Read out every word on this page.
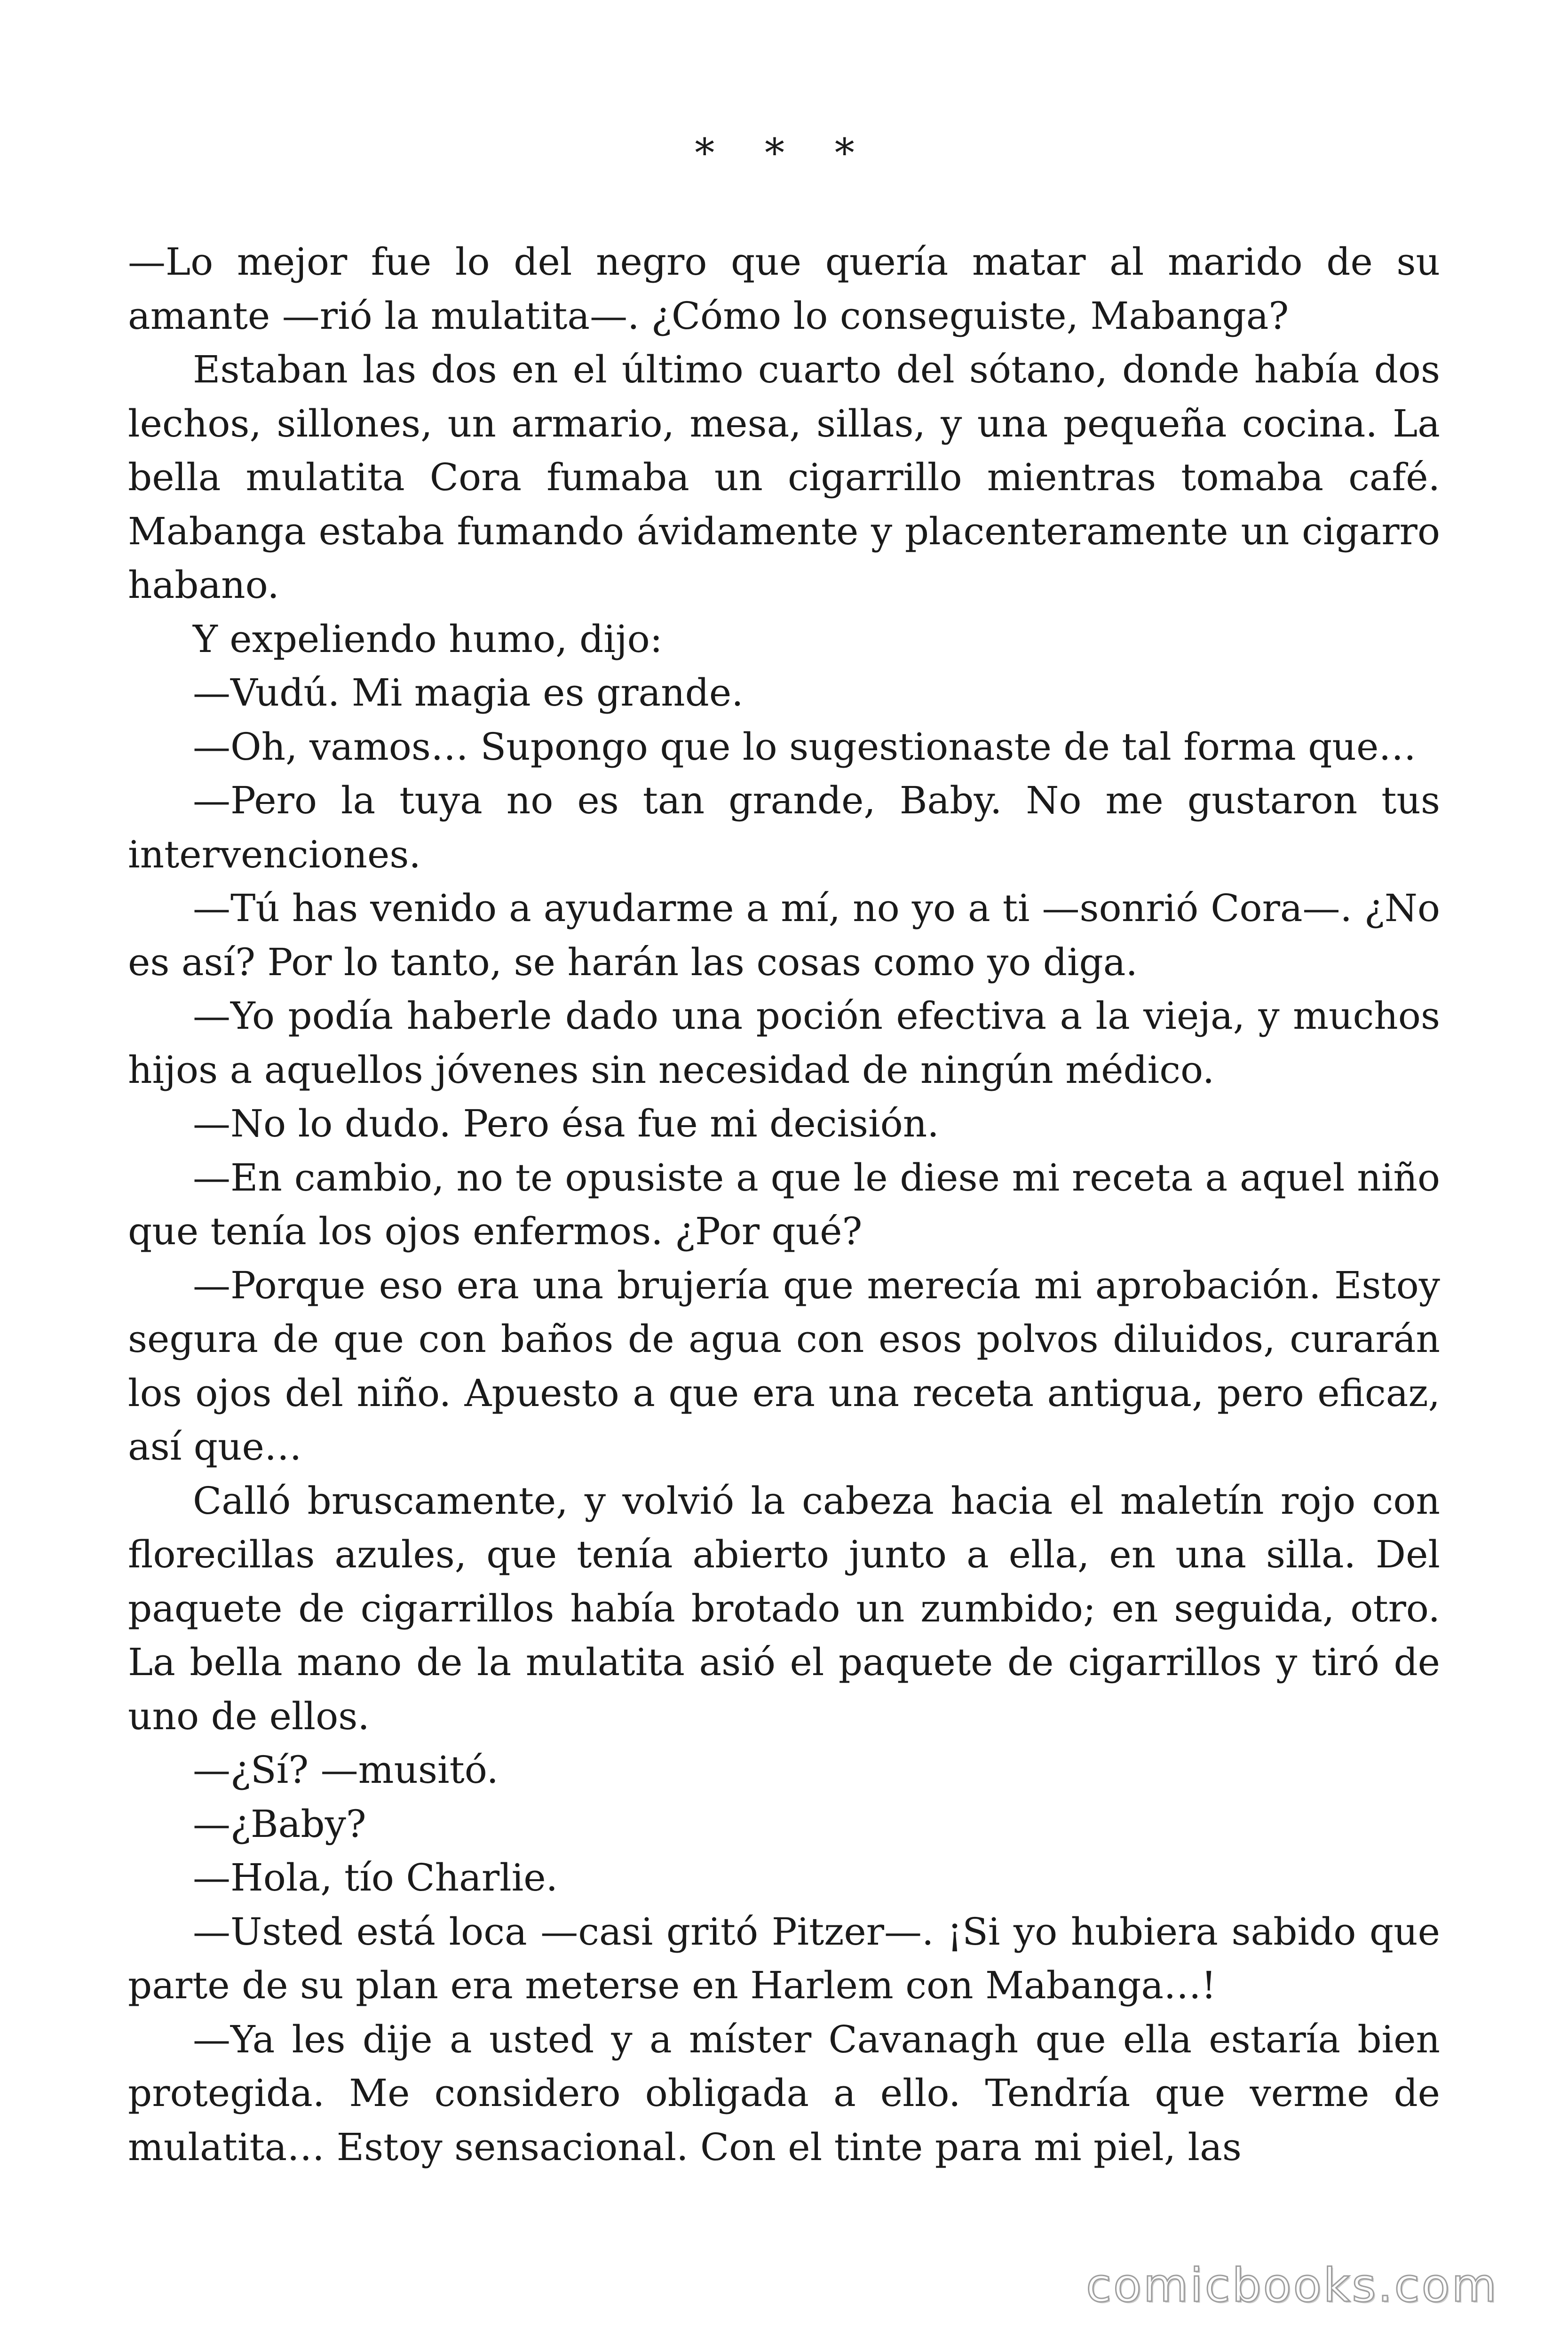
* * *

—Lo mejor fue lo del negro que quería matar al marido de su amante —rió la mulatita—. ¿Cómo lo conseguiste, Mabanga?

Estaban las dos en el último cuarto del sótano, donde había dos lechos, sillones, un armario, mesa, sillas, y una pequeña cocina. La bella mulatita Cora fumaba un cigarrillo mientras tomaba café. Mabanga estaba fumando ávidamente y placenteramente un cigarro habano.

Y expeliendo humo, dijo:

—Vudú. Mi magia es grande.

—Oh, vamos… Supongo que lo sugestionaste de tal forma que…

—Pero la tuya no es tan grande, Baby. No me gustaron tus intervenciones.

—Tú has venido a ayudarme a mí, no yo a ti —sonrió Cora—. ¿No es así? Por lo tanto, se harán las cosas como yo diga.

—Yo podía haberle dado una poción efectiva a la vieja, y muchos hijos a aquellos jóvenes sin necesidad de ningún médico.

—No lo dudo. Pero ésa fue mi decisión.

—En cambio, no te opusiste a que le diese mi receta a aquel niño que tenía los ojos enfermos. ¿Por qué?

—Porque eso era una brujería que merecía mi aprobación. Estoy segura de que con baños de agua con esos polvos diluidos, curarán los ojos del niño. Apuesto a que era una receta antigua, pero eficaz, así que…

Calló bruscamente, y volvió la cabeza hacia el maletín rojo con florecillas azules, que tenía abierto junto a ella, en una silla. Del paquete de cigarrillos había brotado un zumbido; en seguida, otro. La bella mano de la mulatita asió el paquete de cigarrillos y tiró de uno de ellos.

—¿Sí? —musitó.

—¿Baby?

—Hola, tío Charlie.

—Usted está loca —casi gritó Pitzer—. ¡Si yo hubiera sabido que parte de su plan era meterse en Harlem con Mabanga…!

—Ya les dije a usted y a míster Cavanagh que ella estaría bien protegida. Me considero obligada a ello. Tendría que verme de mulatita… Estoy sensacional. Con el tinte para mi piel, las

comicbooks.com
